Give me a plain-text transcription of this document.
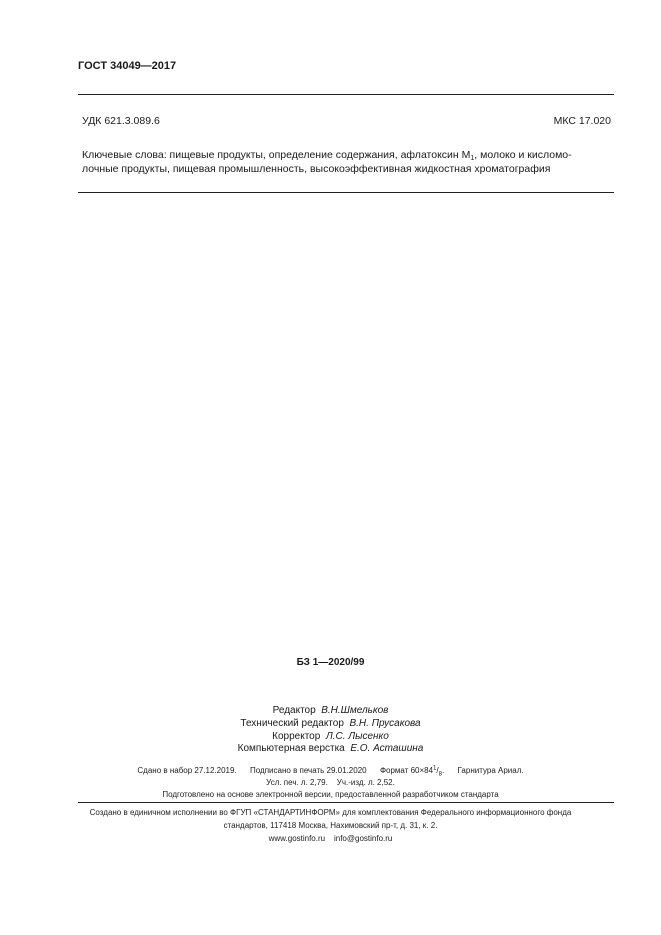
ГОСТ 34049—2017
УДК 621.3.089.6	МКС 17.020
Ключевые слова: пищевые продукты, определение содержания, афлатоксин $М_1$, молоко и кисломо-
лочные продукты, пищевая промышленность, высокоэффективная жидкостная хроматография
БЗ 1—2020/99
Редактор В.Н.Шмельков
Технический редактор В.Н. Прусакова
Корректор Л.С. Лысенко
Компьютерная верстка Е.О. Асташина
Сдано в набор 27.12.2019. Подписано в печать 29.01.2020 Формат $60\times 84^1/_8$. Гарнитура Ариал.
Усл. печ. л. 2,79. Уч.-изд. л. 2,52.
Подготовлено на основе электронной версии, предоставленной разработчиком стандарта
Создано в единичном исполнении во ФГУП «СТАНДАРТИНФОРМ» для комплектования Федерального информационного фонда
стандартов, 117418 Москва, Нахимовский пр-т, д. 31, к. 2.
www.gostinfo.ru info@gostinfo.ru
